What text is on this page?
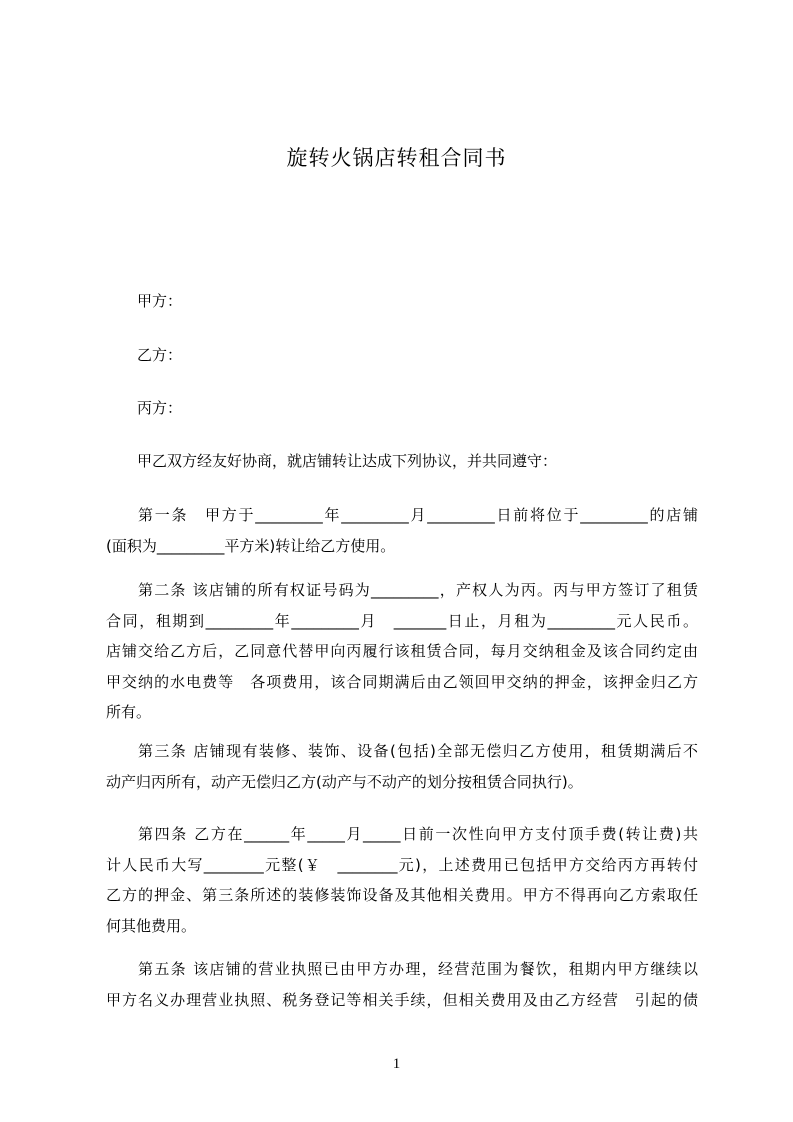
旋转火锅店转租合同书
甲方：
乙方：
丙方：
甲乙双方经友好协商，就店铺转让达成下列协议，并共同遵守：
第一条　甲方于_________年_________月_________日前将位于_________的店铺
(面积为_________平方米)转让给乙方使用。
第二条 该店铺的所有权证号码为_________，产权人为丙。丙与甲方签订了租赁
合同，租期到_________年_________月　_______日止，月租为_________元人民币。
店铺交给乙方后，乙同意代替甲向丙履行该租赁合同，每月交纳租金及该合同约定由
甲交纳的水电费等　各项费用，该合同期满后由乙领回甲交纳的押金，该押金归乙方
所有。
第三条 店铺现有装修、装饰、设备(包括)全部无偿归乙方使用，租赁期满后不
动产归丙所有，动产无偿归乙方(动产与不动产的划分按租赁合同执行)。
第四条 乙方在______年_____月_____日前一次性向甲方支付顶手费(转让费)共
计人民币大写________元整(￥　________元)，上述费用已包括甲方交给丙方再转付
乙方的押金、第三条所述的装修装饰设备及其他相关费用。甲方不得再向乙方索取任
何其他费用。
第五条 该店铺的营业执照已由甲方办理，经营范围为餐饮，租期内甲方继续以
甲方名义办理营业执照、税务登记等相关手续，但相关费用及由乙方经营　引起的债
1
